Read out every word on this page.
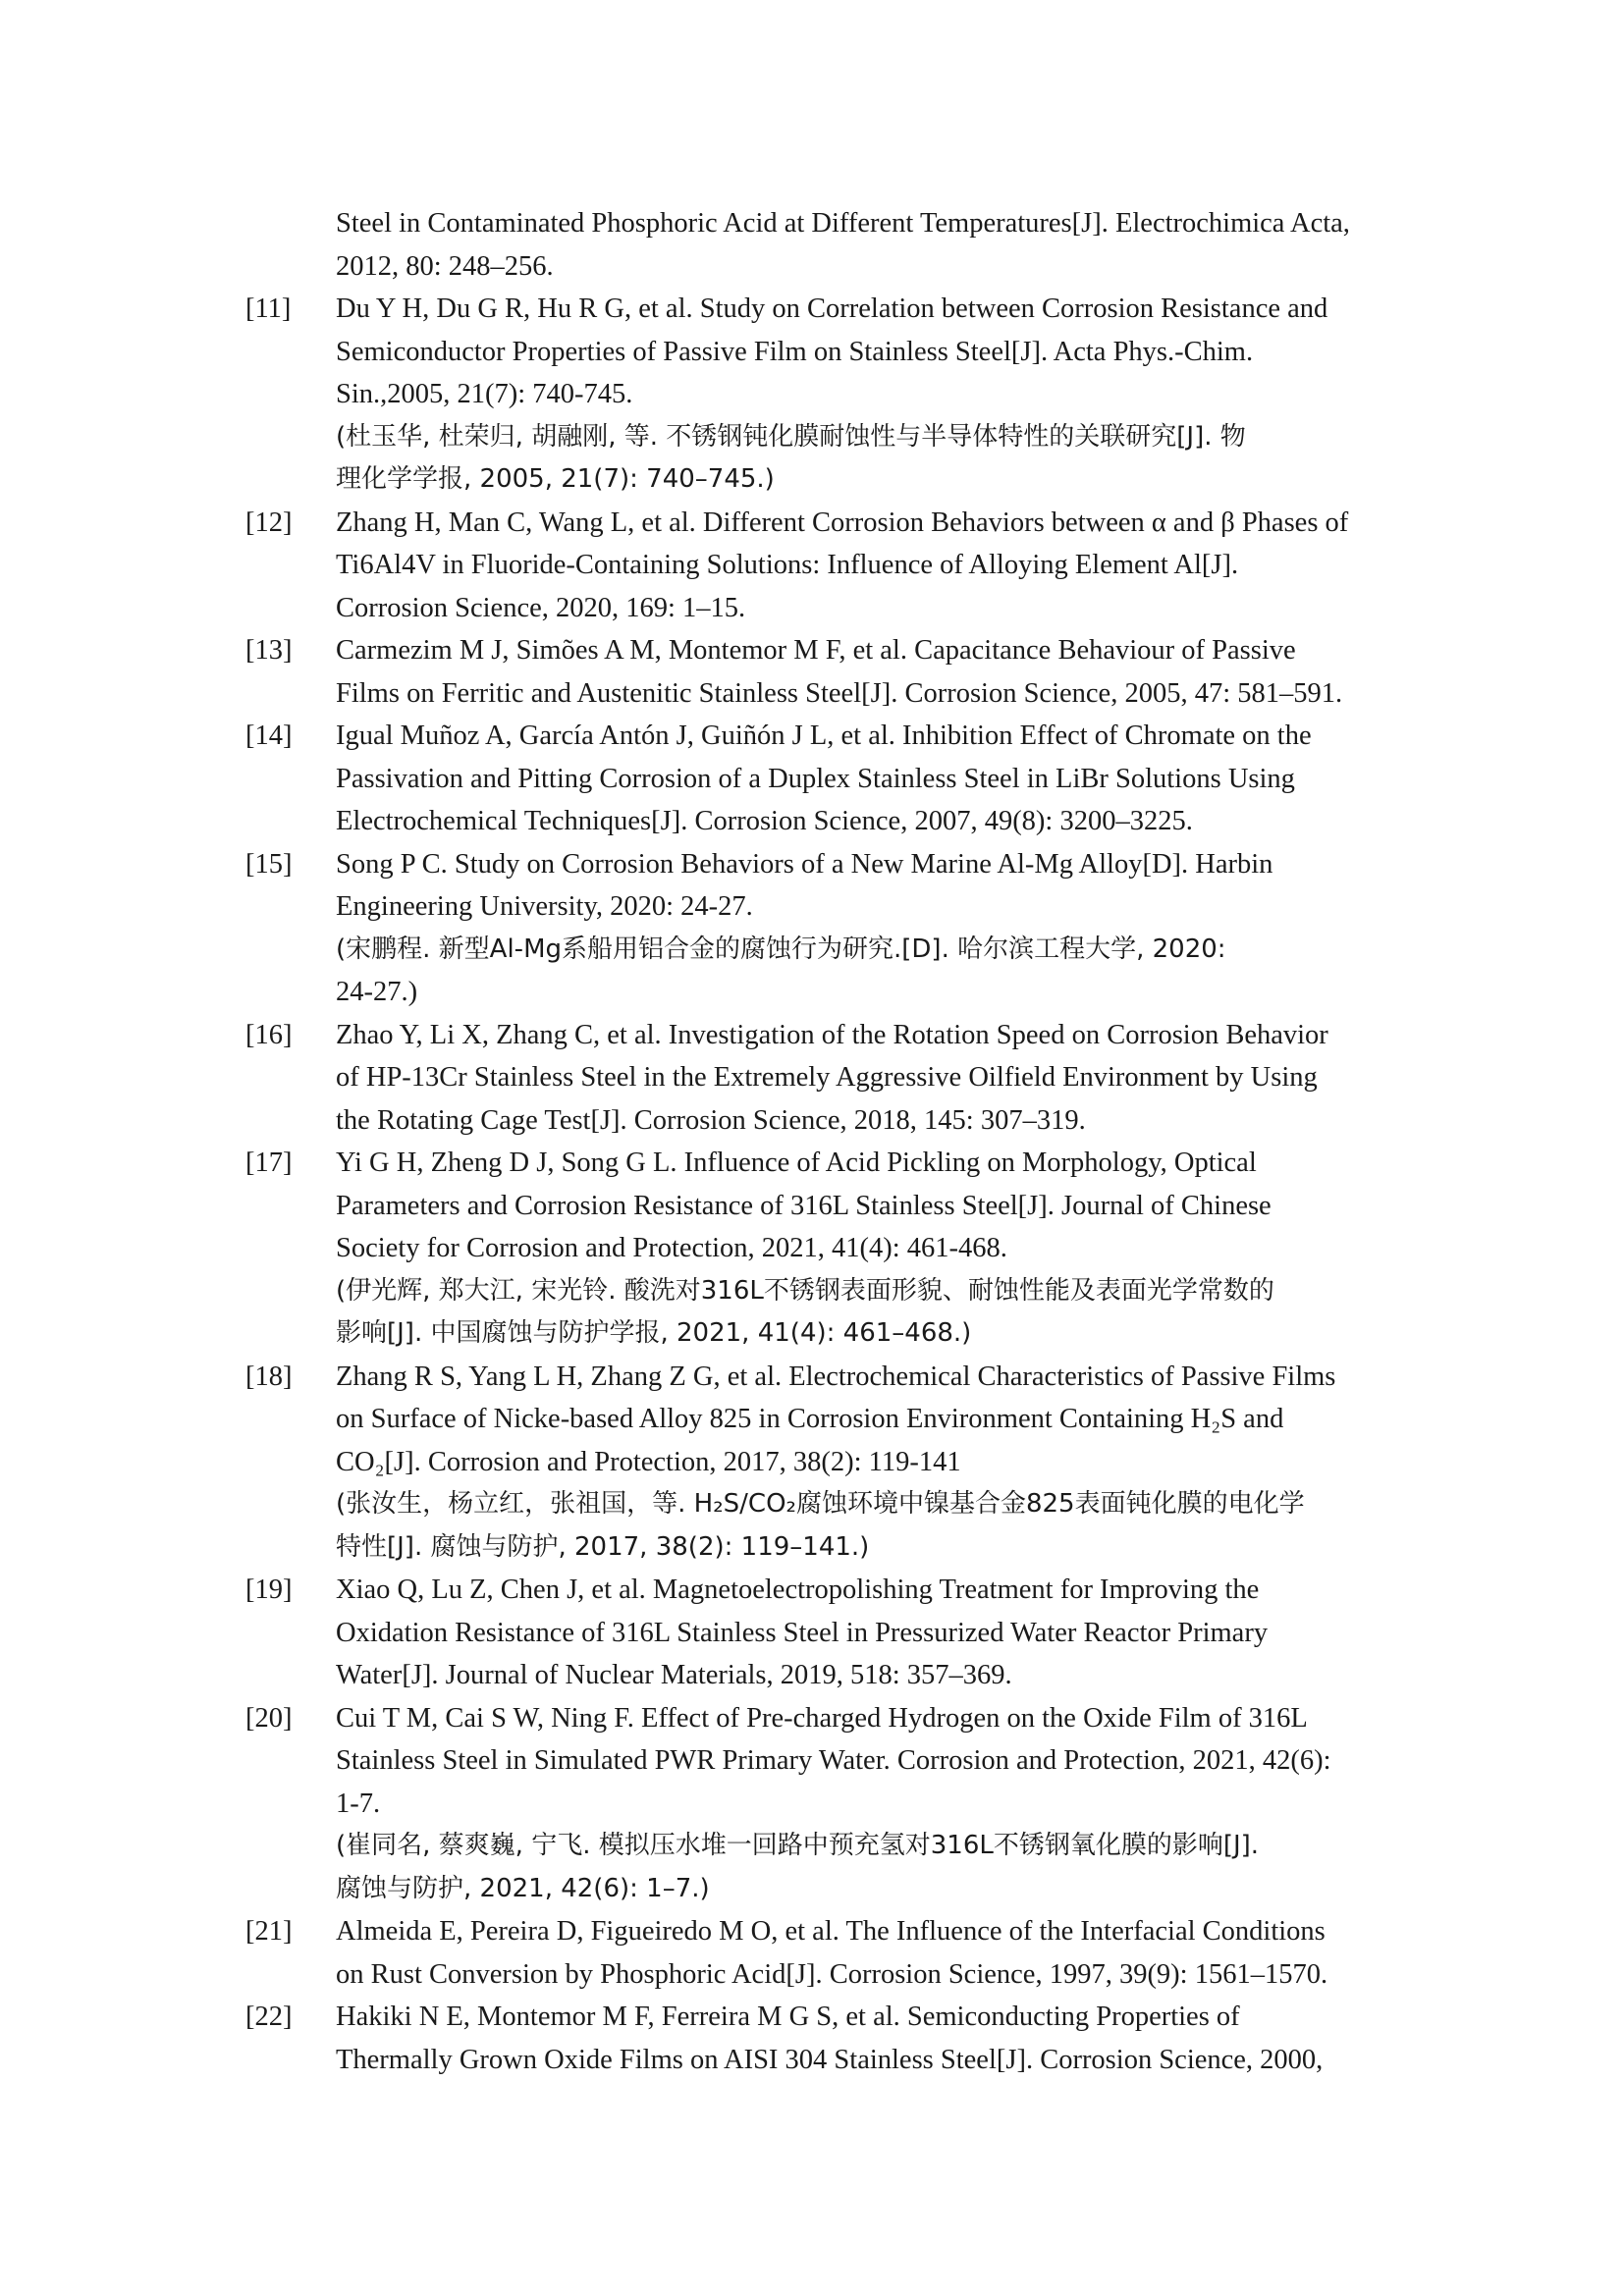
Steel in Contaminated Phosphoric Acid at Different Temperatures[J]. Electrochimica Acta,
2012, 80: 248–256.
[11] Du Y H, Du G R, Hu R G, et al. Study on Correlation between Corrosion Resistance and
Semiconductor Properties of Passive Film on Stainless Steel[J]. Acta Phys.-Chim.
Sin.,2005, 21(7): 740-745.
(杜玉华, 杜荣归, 胡融刚, 等. 不锈钢钝化膜耐蚀性与半导体特性的关联研究[J]. 物
理化学学报, 2005, 21(7): 740–745.)
[12] Zhang H, Man C, Wang L, et al. Different Corrosion Behaviors between α and β Phases of
Ti6Al4V in Fluoride-Containing Solutions: Influence of Alloying Element Al[J].
Corrosion Science, 2020, 169: 1–15.
[13] Carmezim M J, Simões A M, Montemor M F, et al. Capacitance Behaviour of Passive
Films on Ferritic and Austenitic Stainless Steel[J]. Corrosion Science, 2005, 47: 581–591.
[14] Igual Muñoz A, García Antón J, Guiñón J L, et al. Inhibition Effect of Chromate on the
Passivation and Pitting Corrosion of a Duplex Stainless Steel in LiBr Solutions Using
Electrochemical Techniques[J]. Corrosion Science, 2007, 49(8): 3200–3225.
[15] Song P C. Study on Corrosion Behaviors of a New Marine Al-Mg Alloy[D]. Harbin
Engineering University, 2020: 24-27.
(宋鹏程. 新型Al-Mg系船用铝合金的腐蚀行为研究.[D]. 哈尔滨工程大学, 2020:
24-27.)
[16] Zhao Y, Li X, Zhang C, et al. Investigation of the Rotation Speed on Corrosion Behavior
of HP-13Cr Stainless Steel in the Extremely Aggressive Oilfield Environment by Using
the Rotating Cage Test[J]. Corrosion Science, 2018, 145: 307–319.
[17] Yi G H, Zheng D J, Song G L. Influence of Acid Pickling on Morphology, Optical
Parameters and Corrosion Resistance of 316L Stainless Steel[J]. Journal of Chinese
Society for Corrosion and Protection, 2021, 41(4): 461-468.
(伊光辉, 郑大江, 宋光铃. 酸洗对316L不锈钢表面形貌、耐蚀性能及表面光学常数的
影响[J]. 中国腐蚀与防护学报, 2021, 41(4): 461–468.)
[18] Zhang R S, Yang L H, Zhang Z G, et al. Electrochemical Characteristics of Passive Films
on Surface of Nicke-based Alloy 825 in Corrosion Environment Containing H₂S and
CO₂[J]. Corrosion and Protection, 2017, 38(2): 119-141
(张汝生，杨立红，张祖国，等. H₂S/CO₂腐蚀环境中镍基合金825表面钝化膜的电化学
特性[J]. 腐蚀与防护, 2017, 38(2): 119–141.)
[19] Xiao Q, Lu Z, Chen J, et al. Magnetoelectropolishing Treatment for Improving the
Oxidation Resistance of 316L Stainless Steel in Pressurized Water Reactor Primary
Water[J]. Journal of Nuclear Materials, 2019, 518: 357–369.
[20] Cui T M, Cai S W, Ning F. Effect of Pre-charged Hydrogen on the Oxide Film of 316L
Stainless Steel in Simulated PWR Primary Water. Corrosion and Protection, 2021, 42(6):
1-7.
(崔同名, 蔡爽巍, 宁飞. 模拟压水堆一回路中预充氢对316L不锈钢氧化膜的影响[J].
腐蚀与防护, 2021, 42(6): 1–7.)
[21] Almeida E, Pereira D, Figueiredo M O, et al. The Influence of the Interfacial Conditions
on Rust Conversion by Phosphoric Acid[J]. Corrosion Science, 1997, 39(9): 1561–1570.
[22] Hakiki N E, Montemor M F, Ferreira M G S, et al. Semiconducting Properties of
Thermally Grown Oxide Films on AISI 304 Stainless Steel[J]. Corrosion Science, 2000,
